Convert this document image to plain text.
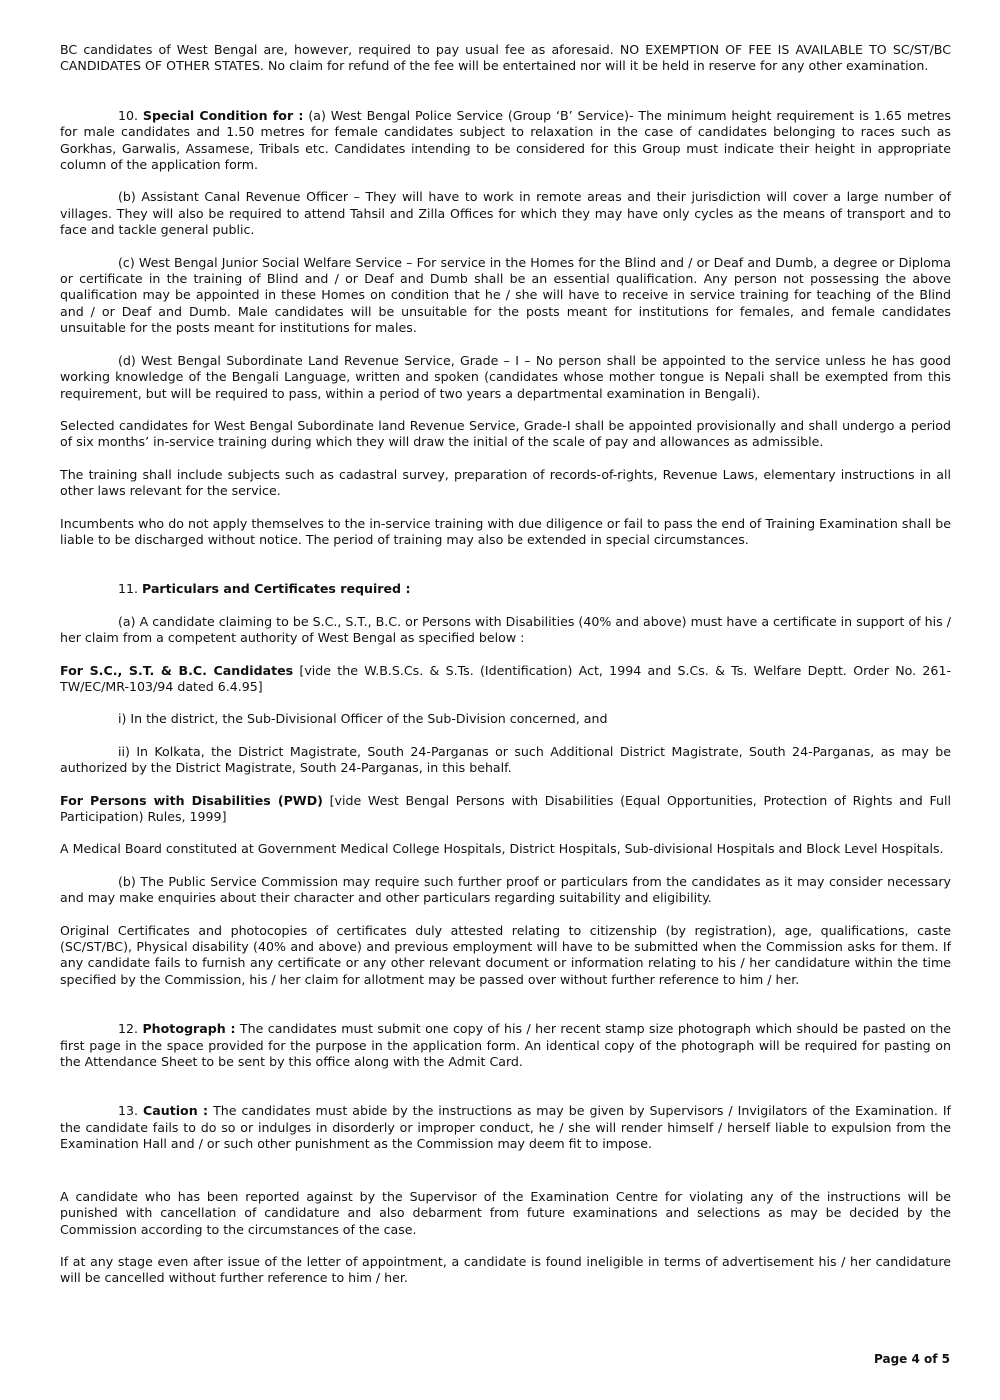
BC candidates of West Bengal are, however, required to pay usual fee as aforesaid. NO EXEMPTION OF FEE IS AVAILABLE TO SC/ST/BC CANDIDATES OF OTHER STATES. No claim for refund of the fee will be entertained nor will it be held in reserve for any other examination.

10. Special Condition for : (a) West Bengal Police Service (Group ‘B’ Service)- The minimum height requirement is 1.65 metres for male candidates and 1.50 metres for female candidates subject to relaxation in the case of candidates belonging to races such as Gorkhas, Garwalis, Assamese, Tribals etc. Candidates intending to be considered for this Group must indicate their height in appropriate column of the application form.

(b) Assistant Canal Revenue Officer – They will have to work in remote areas and their jurisdiction will cover a large number of villages. They will also be required to attend Tahsil and Zilla Offices for which they may have only cycles as the means of transport and to face and tackle general public.

(c) West Bengal Junior Social Welfare Service – For service in the Homes for the Blind and / or Deaf and Dumb, a degree or Diploma or certificate in the training of Blind and / or Deaf and Dumb shall be an essential qualification. Any person not possessing the above qualification may be appointed in these Homes on condition that he / she will have to receive in service training for teaching of the Blind and / or Deaf and Dumb. Male candidates will be unsuitable for the posts meant for institutions for females, and female candidates unsuitable for the posts meant for institutions for males.

(d) West Bengal Subordinate Land Revenue Service, Grade – I – No person shall be appointed to the service unless he has good working knowledge of the Bengali Language, written and spoken (candidates whose mother tongue is Nepali shall be exempted from this requirement, but will be required to pass, within a period of two years a departmental examination in Bengali).

Selected candidates for West Bengal Subordinate land Revenue Service, Grade-I shall be appointed provisionally and shall undergo a period of six months’ in-service training during which they will draw the initial of the scale of pay and allowances as admissible.

The training shall include subjects such as cadastral survey, preparation of records-of-rights, Revenue Laws, elementary instructions in all other laws relevant for the service.

Incumbents who do not apply themselves to the in-service training with due diligence or fail to pass the end of Training Examination shall be liable to be discharged without notice. The period of training may also be extended in special circumstances.

11. Particulars and Certificates required :

(a) A candidate claiming to be S.C., S.T., B.C. or Persons with Disabilities (40% and above) must have a certificate in support of his / her claim from a competent authority of West Bengal as specified below :

For S.C., S.T. & B.C. Candidates [vide the W.B.S.Cs. & S.Ts. (Identification) Act, 1994 and S.Cs. & Ts. Welfare Deptt. Order No. 261-TW/EC/MR-103/94 dated 6.4.95]

i) In the district, the Sub-Divisional Officer of the Sub-Division concerned, and

ii) In Kolkata, the District Magistrate, South 24-Parganas or such Additional District Magistrate, South 24-Parganas, as may be authorized by the District Magistrate, South 24-Parganas, in this behalf.

For Persons with Disabilities (PWD) [vide West Bengal Persons with Disabilities (Equal Opportunities, Protection of Rights and Full Participation) Rules, 1999]

A Medical Board constituted at Government Medical College Hospitals, District Hospitals, Sub-divisional Hospitals and Block Level Hospitals.

(b) The Public Service Commission may require such further proof or particulars from the candidates as it may consider necessary and may make enquiries about their character and other particulars regarding suitability and eligibility.

Original Certificates and photocopies of certificates duly attested relating to citizenship (by registration), age, qualifications, caste (SC/ST/BC), Physical disability (40% and above) and previous employment will have to be submitted when the Commission asks for them. If any candidate fails to furnish any certificate or any other relevant document or information relating to his / her candidature within the time specified by the Commission, his / her claim for allotment may be passed over without further reference to him / her.

12. Photograph : The candidates must submit one copy of his / her recent stamp size photograph which should be pasted on the first page in the space provided for the purpose in the application form. An identical copy of the photograph will be required for pasting on the Attendance Sheet to be sent by this office along with the Admit Card.

13. Caution : The candidates must abide by the instructions as may be given by Supervisors / Invigilators of the Examination. If the candidate fails to do so or indulges in disorderly or improper conduct, he / she will render himself / herself liable to expulsion from the Examination Hall and / or such other punishment as the Commission may deem fit to impose.

A candidate who has been reported against by the Supervisor of the Examination Centre for violating any of the instructions will be punished with cancellation of candidature and also debarment from future examinations and selections as may be decided by the Commission according to the circumstances of the case.

If at any stage even after issue of the letter of appointment, a candidate is found ineligible in terms of advertisement his / her candidature will be cancelled without further reference to him / her.

Page 4 of 5
